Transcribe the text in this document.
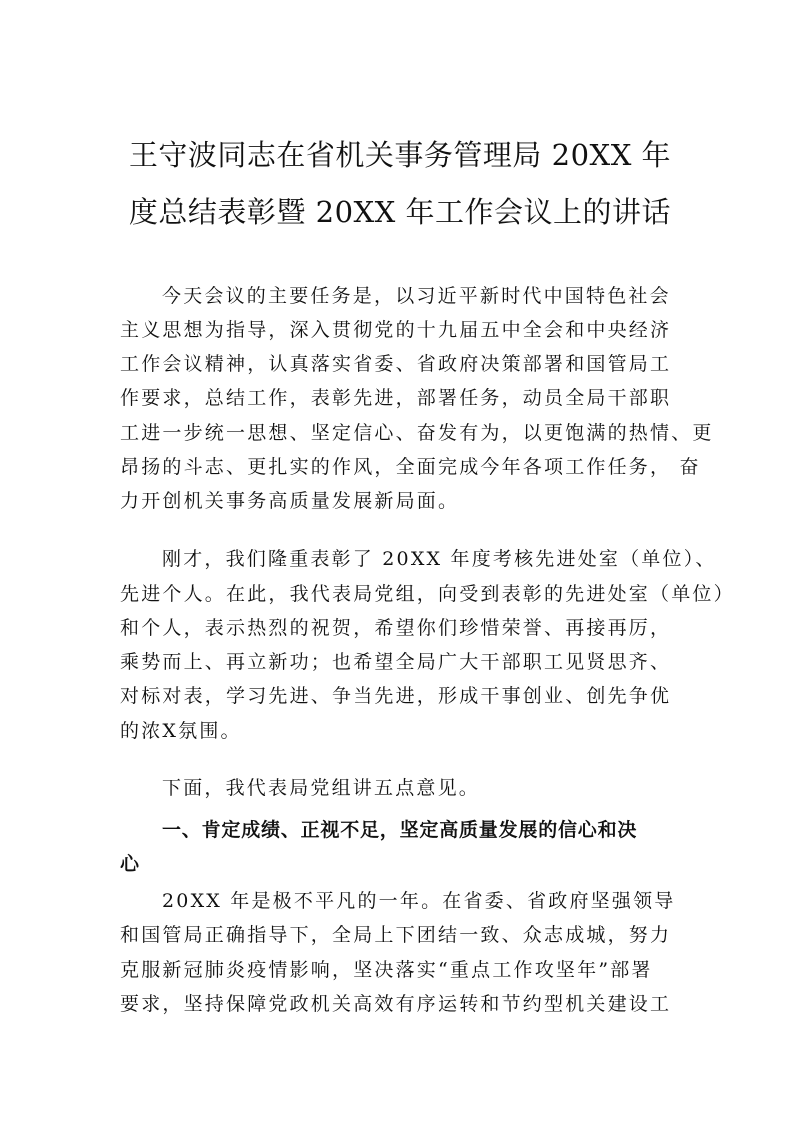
王守波同志在省机关事务管理局 20XX 年
度总结表彰暨 20XX 年工作会议上的讲话
今天会议的主要任务是，以习近平新时代中国特色社会
主义思想为指导，深入贯彻党的十九届五中全会和中央经济
工作会议精神，认真落实省委、省政府决策部署和国管局工
作要求，总结工作，表彰先进，部署任务，动员全局干部职
工进一步统一思想、坚定信心、奋发有为，以更饱满的热情、更
昂扬的斗志、更扎实的作风，全面完成今年各项工作任务， 奋
力开创机关事务高质量发展新局面。
刚才，我们隆重表彰了 20XX 年度考核先进处室（单位）、
先进个人。在此，我代表局党组，向受到表彰的先进处室（单位）
和个人，表示热烈的祝贺，希望你们珍惜荣誉、再接再厉，
乘势而上、再立新功；也希望全局广大干部职工见贤思齐、
对标对表，学习先进、争当先进，形成干事创业、创先争优
的浓X氛围。
下面，我代表局党组讲五点意见。
一、肯定成绩、正视不足，坚定高质量发展的信心和决
心
20XX 年是极不平凡的一年。在省委、省政府坚强领导
和国管局正确指导下，全局上下团结一致、众志成城，努力
克服新冠肺炎疫情影响，坚决落实“重点工作攻坚年”部署
要求，坚持保障党政机关高效有序运转和节约型机关建设工
